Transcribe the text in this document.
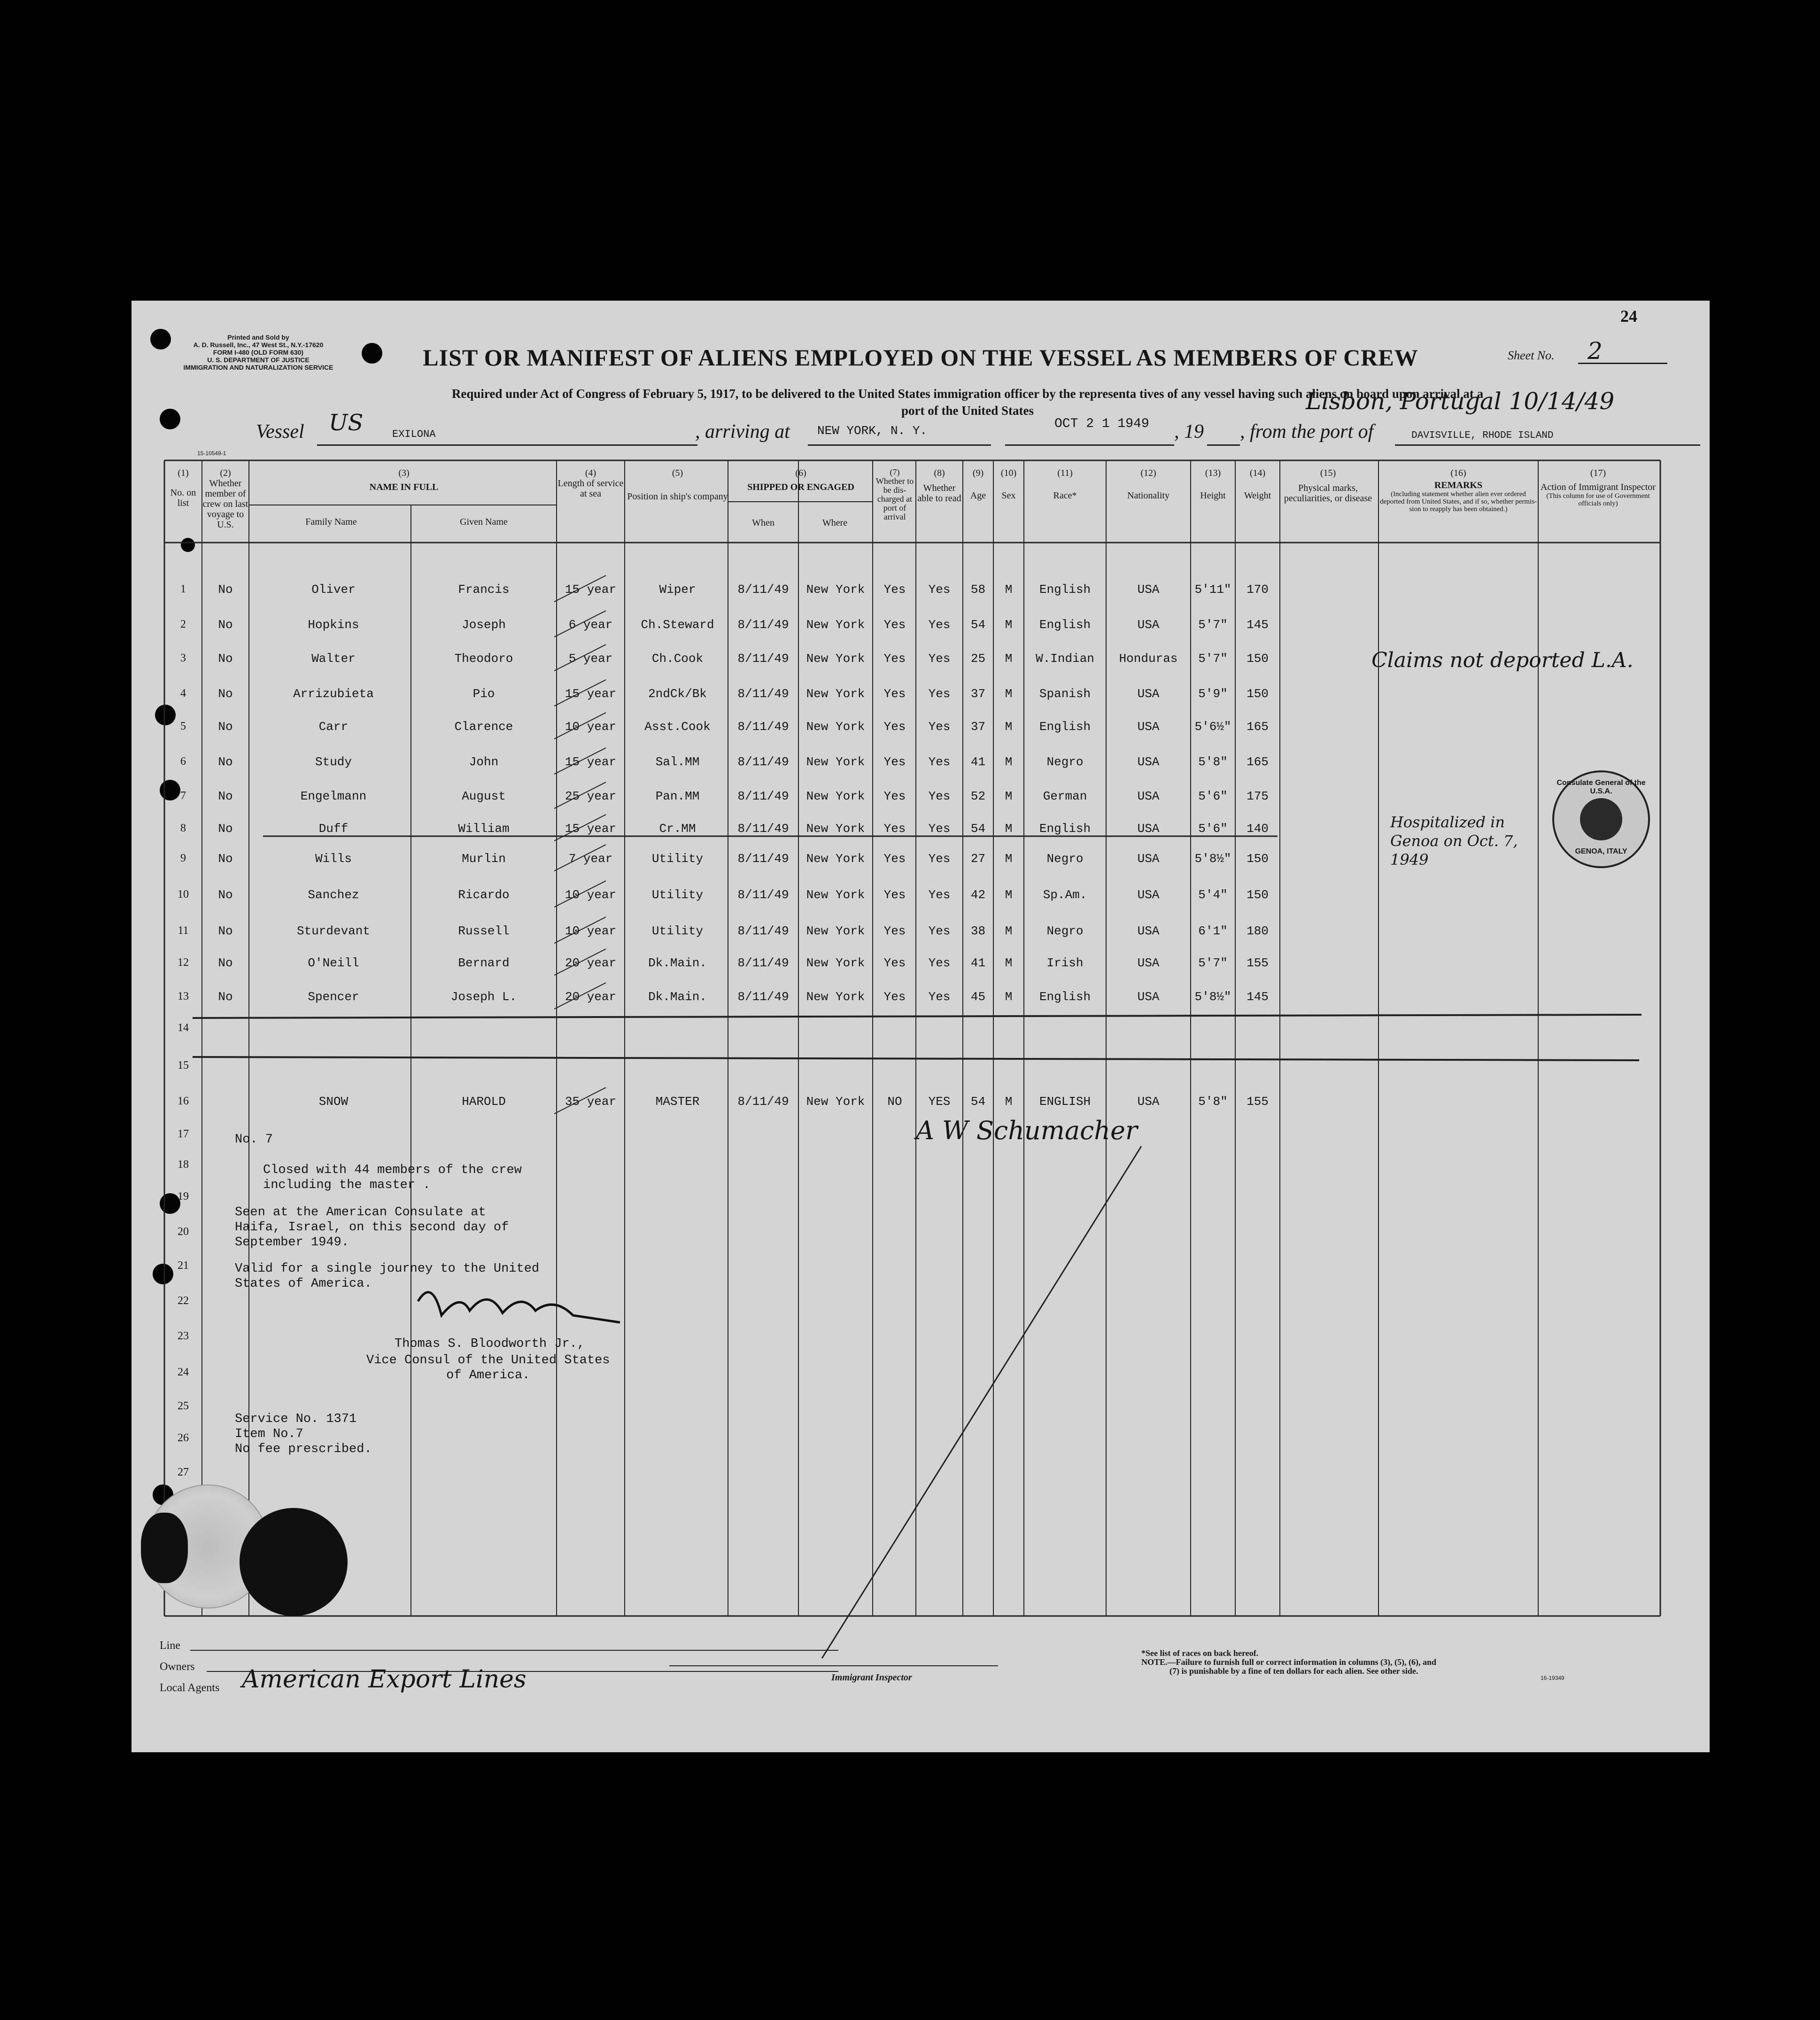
Printed and Sold by
A. D. Russell, Inc., 47 West St., N.Y.-17620
FORM I-480 (OLD FORM 630)
U. S. DEPARTMENT OF JUSTICE
IMMIGRATION AND NATURALIZATION SERVICE
24
LIST OR MANIFEST OF ALIENS EMPLOYED ON THE VESSEL AS MEMBERS OF CREW	Sheet No. 2
Required under Act of Congress of February 5, 1917, to be delivered to the United States immigration officer by the representa tives of any vessel having such aliens on board upon arrival at a
port of the United States
Vessel US	EXILONA	, arriving at NEW YORK, N. Y.	OCT 2 1 1949 , 19 , from the port of
Lisbon, Portugal 10/14/49
DAVISVILLE, RHODE ISLAND
15-10549-1
(1)
No. on list
(2)
Whether member of crew on last voyage to U.S.
(3)
NAME IN FULL
Family Name	Given Name
(4)
Length of service at sea
(5)
Position in ship's company
(6)
SHIPPED OR ENGAGED
When	Where
(7)
Whether to be dis-charged at port of arrival
(8)
Whether able to read
(9)
Age
(10)
Sex
(11)
Race*
(12)
Nationality
(13)
Height
(14)
Weight
(15)
Physical marks, peculiarities, or disease
(16)
REMARKS
(Including statement whether alien ever ordered deported from United States, and if so, whether permis-sion to reapply has been obtained.)
(17)
Action of Immigrant Inspector
(This column for use of Government officials only)
1	No	Oliver	Francis	15 year	Wiper	8/11/49	New York	Yes	Yes	58	M	English	USA	5'11"	170
2	No	Hopkins	Joseph	6 year	Ch.Steward	8/11/49	New York	Yes	Yes	54	M	English	USA	5'7"	145
3	No	Walter	Theodoro	5 year	Ch.Cook	8/11/49	New York	Yes	Yes	25	M	W.Indian	Honduras	5'7"	150
4	No	Arrizubieta	Pio	15 year	2ndCk/Bk	8/11/49	New York	Yes	Yes	37	M	Spanish	USA	5'9"	150
5	No	Carr	Clarence	10 year	Asst.Cook	8/11/49	New York	Yes	Yes	37	M	English	USA	5'6½"	165
6	No	Study	John	15 year	Sal.MM	8/11/49	New York	Yes	Yes	41	M	Negro	USA	5'8"	165
7	No	Engelmann	August	25 year	Pan.MM	8/11/49	New York	Yes	Yes	52	M	German	USA	5'6"	175
8	No	Duff	William	15 year	Cr.MM	8/11/49	New York	Yes	Yes	54	M	English	USA	5'6"	140
9	No	Wills	Murlin	7 year	Utility	8/11/49	New York	Yes	Yes	27	M	Negro	USA	5'8½"	150
10	No	Sanchez	Ricardo	10 year	Utility	8/11/49	New York	Yes	Yes	42	M	Sp.Am.	USA	5'4"	150
11	No	Sturdevant	Russell	10 year	Utility	8/11/49	New York	Yes	Yes	38	M	Negro	USA	6'1"	180
12	No	O'Neill	Bernard	20 year	Dk.Main.	8/11/49	New York	Yes	Yes	41	M	Irish	USA	5'7"	155
13	No	Spencer	Joseph L.	20 year	Dk.Main.	8/11/49	New York	Yes	Yes	45	M	English	USA	5'8½"	145
14
15
16	SNOW	HAROLD	35 year	MASTER	8/11/49	New York	NO	YES	54	M	ENGLISH	USA	5'8"	155
17
18
19
20
21
22
23
24
25
26
27
Claims not deported L.A.
Hospitalized in Genoa on Oct. 7, 1949
Consulate General of the U.S.A.
GENOA, ITALY
No. 7
Closed with 44 members of the crew
including the master .
Seen at the American Consulate at
Haifa, Israel, on this second day of
September 1949.
Valid for a single journey to the United
States of America.
Thomas S. Bloodworth Jr.,
Vice Consul of the United States
of America.
Service No. 1371
Item No.7
No fee prescribed.
A W Schumacher
Line
Owners
Local Agents American Export Lines	Immigrant Inspector
*See list of races on back hereof.
NOTE.—Failure to furnish full or correct information in columns (3), (5), (6), and
(7) is punishable by a fine of ten dollars for each alien. See other side.
16-19349
